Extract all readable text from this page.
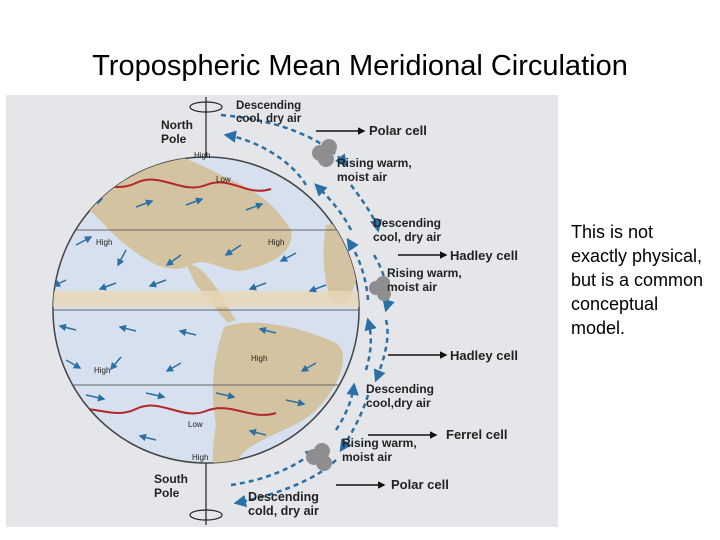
Tropospheric Mean Meridional Circulation
North
Pole
South
Pole
Descending
cool, dry air
Rising warm,
moist air
Descending
cool, dry air
Rising warm,
moist air
Descending
cool,dry air
Rising warm,
moist air
Descending
cold, dry air
Polar cell
Hadley cell
Hadley cell
Ferrel cell
Polar cell
High
Low
High	High
High
High
Low
High
This is not exactly physical, but is a common conceptual model.
